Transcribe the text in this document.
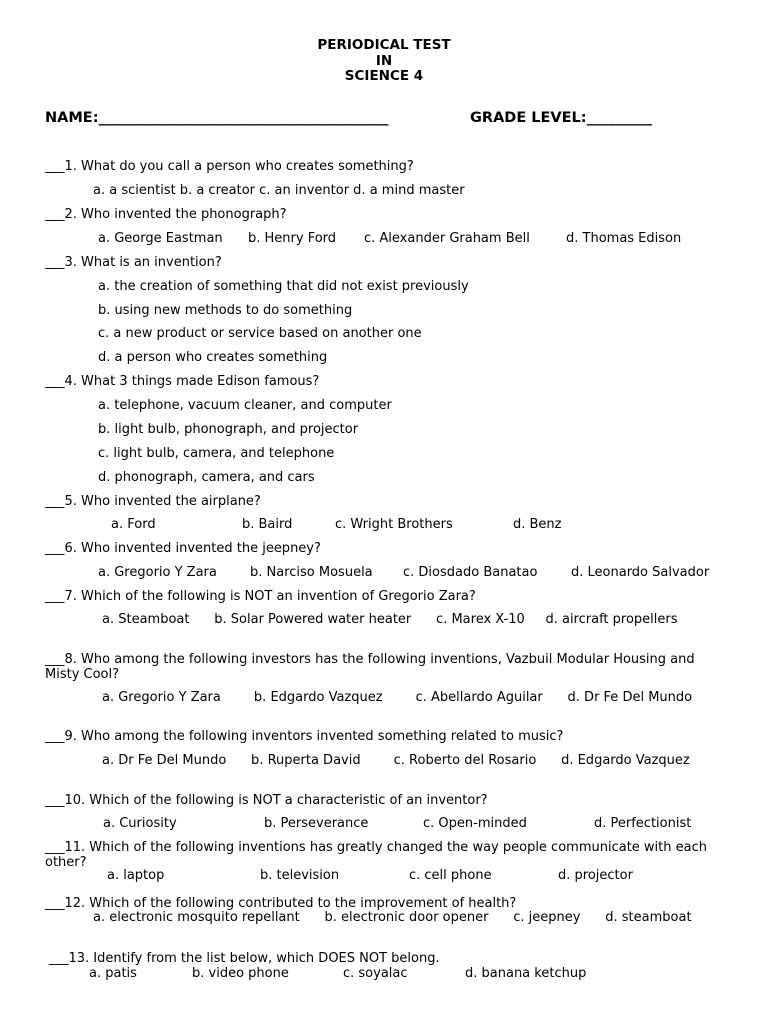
PERIODICAL TEST
IN
SCIENCE 4
NAME:________________________________________	GRADE LEVEL:_________
___1. What do you call a person who creates something?
a. a scientist b. a creator c. an inventor d. a mind master
___2. Who invented the phonograph?
a. George Eastman b. Henry Ford c. Alexander Graham Bell	d. Thomas Edison
___3. What is an invention?
a. the creation of something that did not exist previously
b. using new methods to do something
c. a new product or service based on another one
d. a person who creates something
___4. What 3 things made Edison famous?
a. telephone, vacuum cleaner, and computer
b. light bulb, phonograph, and projector
c. light bulb, camera, and telephone
d. phonograph, camera, and cars
___5. Who invented the airplane?
a. Ford	b. Baird	c. Wright Brothers	d. Benz
___6. Who invented invented the jeepney?
a. Gregorio Y Zara	b. Narciso Mosuela c. Diosdado Banatao	d. Leonardo Salvador
___7. Which of the following is NOT an invention of Gregorio Zara?
a. Steamboat      b. Solar Powered water heater      c. Marex X-10     d. aircraft propellers
___8. Who among the following investors has the following inventions, Vazbuil Modular Housing and Misty Cool?
a. Gregorio Y Zara        b. Edgardo Vazquez        c. Abellardo Aguilar      d. Dr Fe Del Mundo
___9. Who among the following inventors invented something related to music?
a. Dr Fe Del Mundo      b. Ruperta David        c. Roberto del Rosario      d. Edgardo Vazquez
___10. Which of the following is NOT a characteristic of an inventor?
a. Curiosity	b. Perseverance	c. Open-minded	d. Perfectionist
___11. Which of the following inventions has greatly changed the way people communicate with each other?
a. laptop	b. television	c. cell phone	d. projector
___12. Which of the following contributed to the improvement of health?
a. electronic mosquito repellant      b. electronic door opener      c. jeepney      d. steamboat
___13. Identify from the list below, which DOES NOT belong.
a. patis	b. video phone	c. soyalac	d. banana ketchup
